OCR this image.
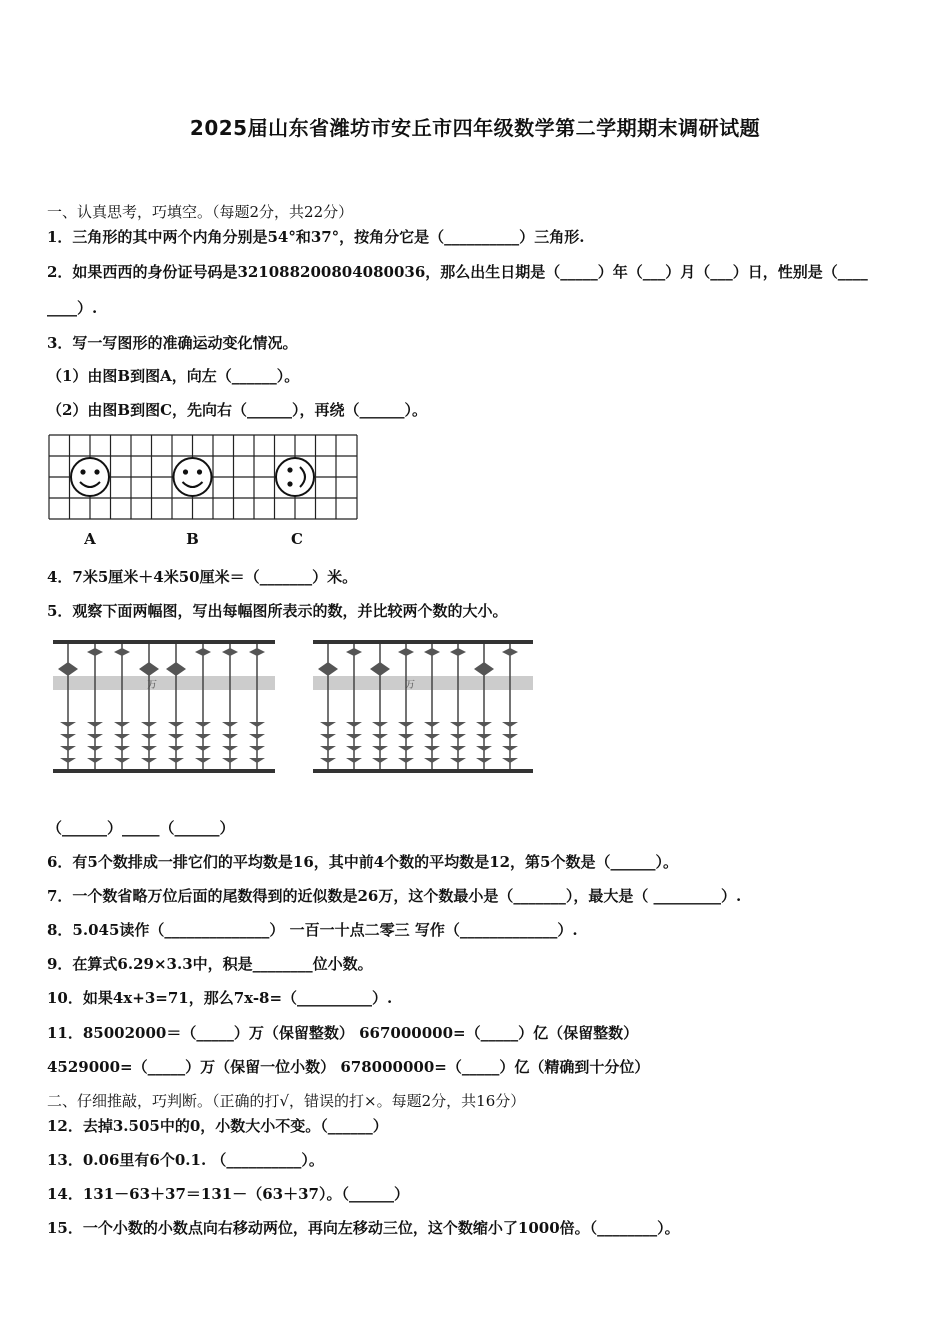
2025届山东省潍坊市安丘市四年级数学第二学期期末调研试题
一、认真思考，巧填空。（每题2分，共22分）
1．三角形的其中两个内角分别是54°和37°，按角分它是（__________）三角形.
2．如果西西的身份证号码是321088200804080036，那么出生日期是（_____）年（___）月（___）日，性别是（____
____）.
3．写一写图形的准确运动变化情况。
（1）由图B到图A，向左（______）。
（2）由图B到图C，先向右（______），再绕（______）。
A	B	C
4．7米5厘米＋4米50厘米＝（_______）米。
5．观察下面两幅图，写出每幅图所表示的数，并比较两个数的大小。
万	万
（______）_____（______）
6．有5个数排成一排它们的平均数是16，其中前4个数的平均数是12，第5个数是（______）。
7．一个数省略万位后面的尾数得到的近似数是26万，这个数最小是（_______），最大是（ _________）.
8．5.045读作（______________） 一百一十点二零三 写作（_____________）.
9．在算式6.29×3.3中，积是________位小数。
10．如果4x+3=71，那么7x-8=（__________）.
11．85002000＝（_____）万（保留整数） 667000000=（_____）亿（保留整数）
4529000=（_____）万（保留一位小数） 678000000=（_____）亿（精确到十分位）
二、仔细推敲，巧判断。（正确的打√，错误的打×。每题2分，共16分）
12．去掉3.505中的0，小数大小不变。（______）
13．0.06里有6个0.1. （__________）。
14．131－63＋37＝131－（63＋37）。（______）
15．一个小数的小数点向右移动两位，再向左移动三位，这个数缩小了1000倍。（________）。
